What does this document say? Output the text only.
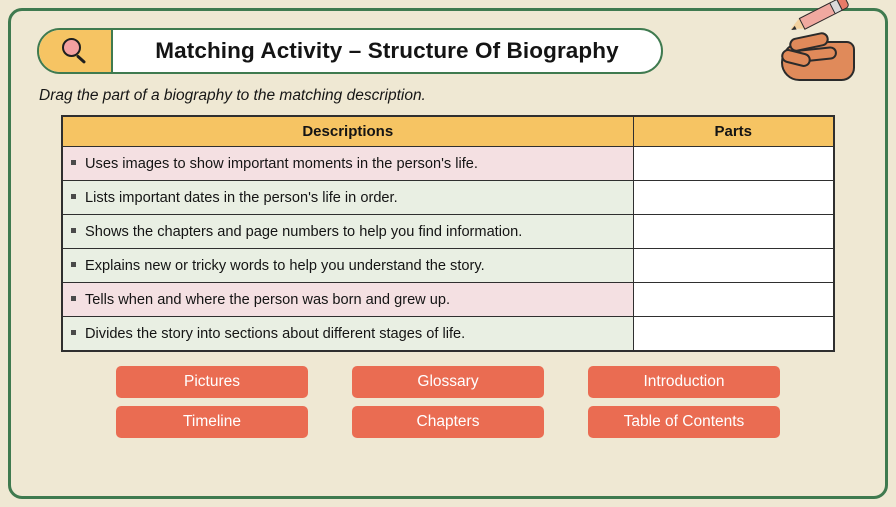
Matching Activity – Structure Of Biography
Drag the part of a biography to the matching description.
Descriptions	Parts
Uses images to show important moments in the person's life.	
Lists important dates in the person's life in order.	
Shows the chapters and page numbers to help you find information.	
Explains new or tricky words to help you understand the story.	
Tells when and where the person was born and grew up.	
Divides the story into sections about different stages of life.	
Pictures	Glossary	Introduction
Timeline	Chapters	Table of Contents
